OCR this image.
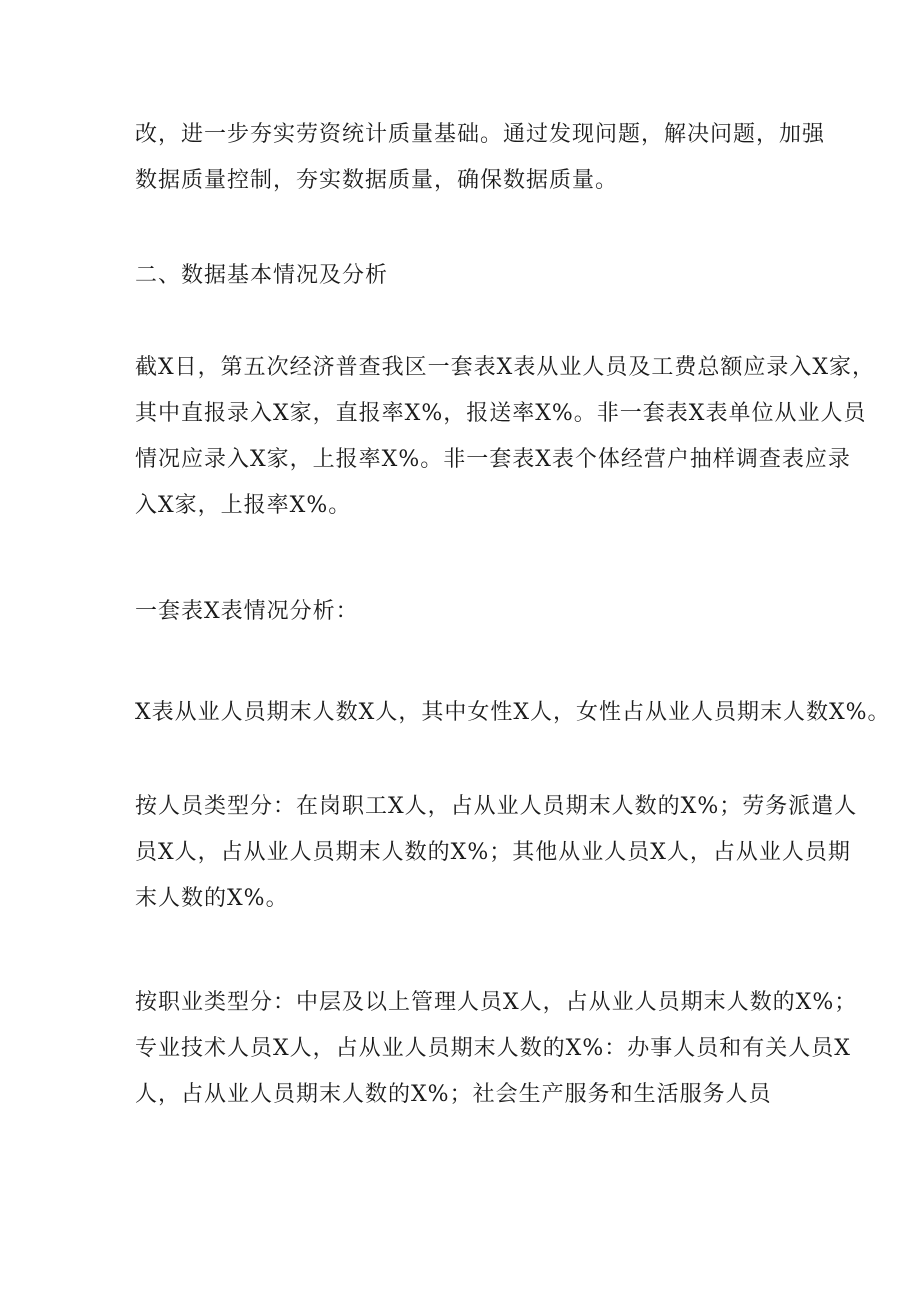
改，进一步夯实劳资统计质量基础。通过发现问题，解决问题，加强
数据质量控制，夯实数据质量，确保数据质量。

二、数据基本情况及分析

截X日，第五次经济普查我区一套表X表从业人员及工费总额应录入X家，
其中直报录入X家，直报率X%，报送率X%。非一套表X表单位从业人员
情况应录入X家，上报率X%。非一套表X表个体经营户抽样调查表应录
入X家，上报率X%。

一套表X表情况分析：

X表从业人员期末人数X人，其中女性X人，女性占从业人员期末人数X%。

按人员类型分：在岗职工X人，占从业人员期末人数的X%；劳务派遣人
员X人，占从业人员期末人数的X%；其他从业人员X人，占从业人员期
末人数的X%。

按职业类型分：中层及以上管理人员X人，占从业人员期末人数的X%；
专业技术人员X人，占从业人员期末人数的X%：办事人员和有关人员X
人，占从业人员期末人数的X%；社会生产服务和生活服务人员
